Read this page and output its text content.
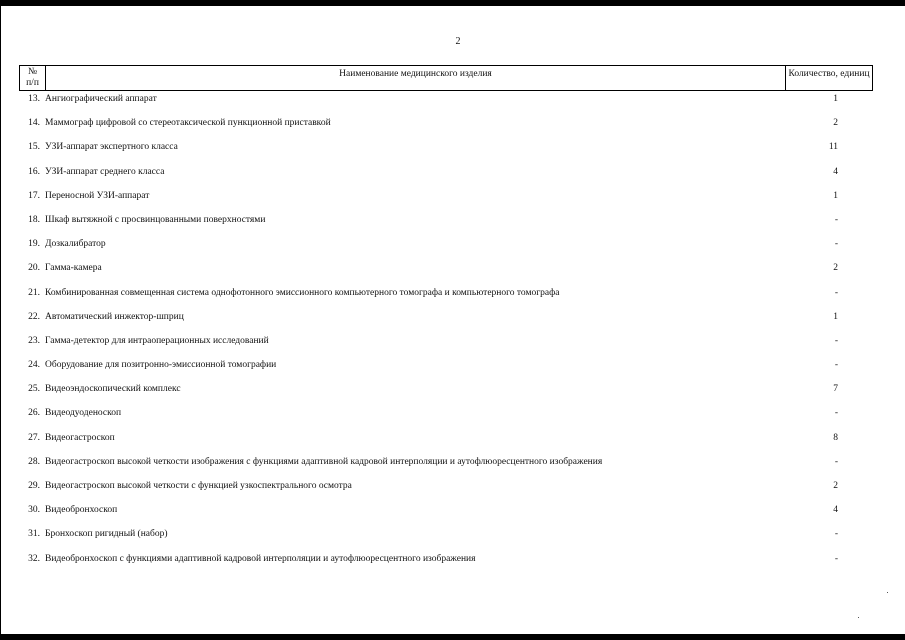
2
№
п/п
Наименование медицинского изделия	Количество, единиц
13. Ангиографический аппарат	1
14. Маммограф цифровой со стереотаксической пункционной приставкой	2
15. УЗИ-аппарат экспертного класса	11
16. УЗИ-аппарат среднего класса	4
17. Переносной УЗИ-аппарат	1
18. Шкаф вытяжной с просвинцованными поверхностями	-
19. Дозкалибратор	-
20. Гамма-камера	2
21. Комбинированная совмещенная система однофотонного эмиссионного компьютерного томографа и компьютерного томографа	-
22. Автоматический инжектор-шприц	1
23. Гамма-детектор для интраоперационных исследований	-
24. Оборудование для позитронно-эмиссионной томографии	-
25. Видеоэндоскопический комплекс	7
26. Видеодуоденоскоп	-
27. Видеогастроскоп	8
28. Видеогастроскоп высокой четкости изображения с функциями адаптивной кадровой интерполяции и аутофлюоресцентного изображения	-
29. Видеогастроскоп высокой четкости с функцией узкоспектрального осмотра	2
30. Видеобронхоскоп	4
31. Бронхоскоп ригидный (набор)	-
32. Видеобронхоскоп с функциями адаптивной кадровой интерполяции и аутофлюоресцентного изображения	-
